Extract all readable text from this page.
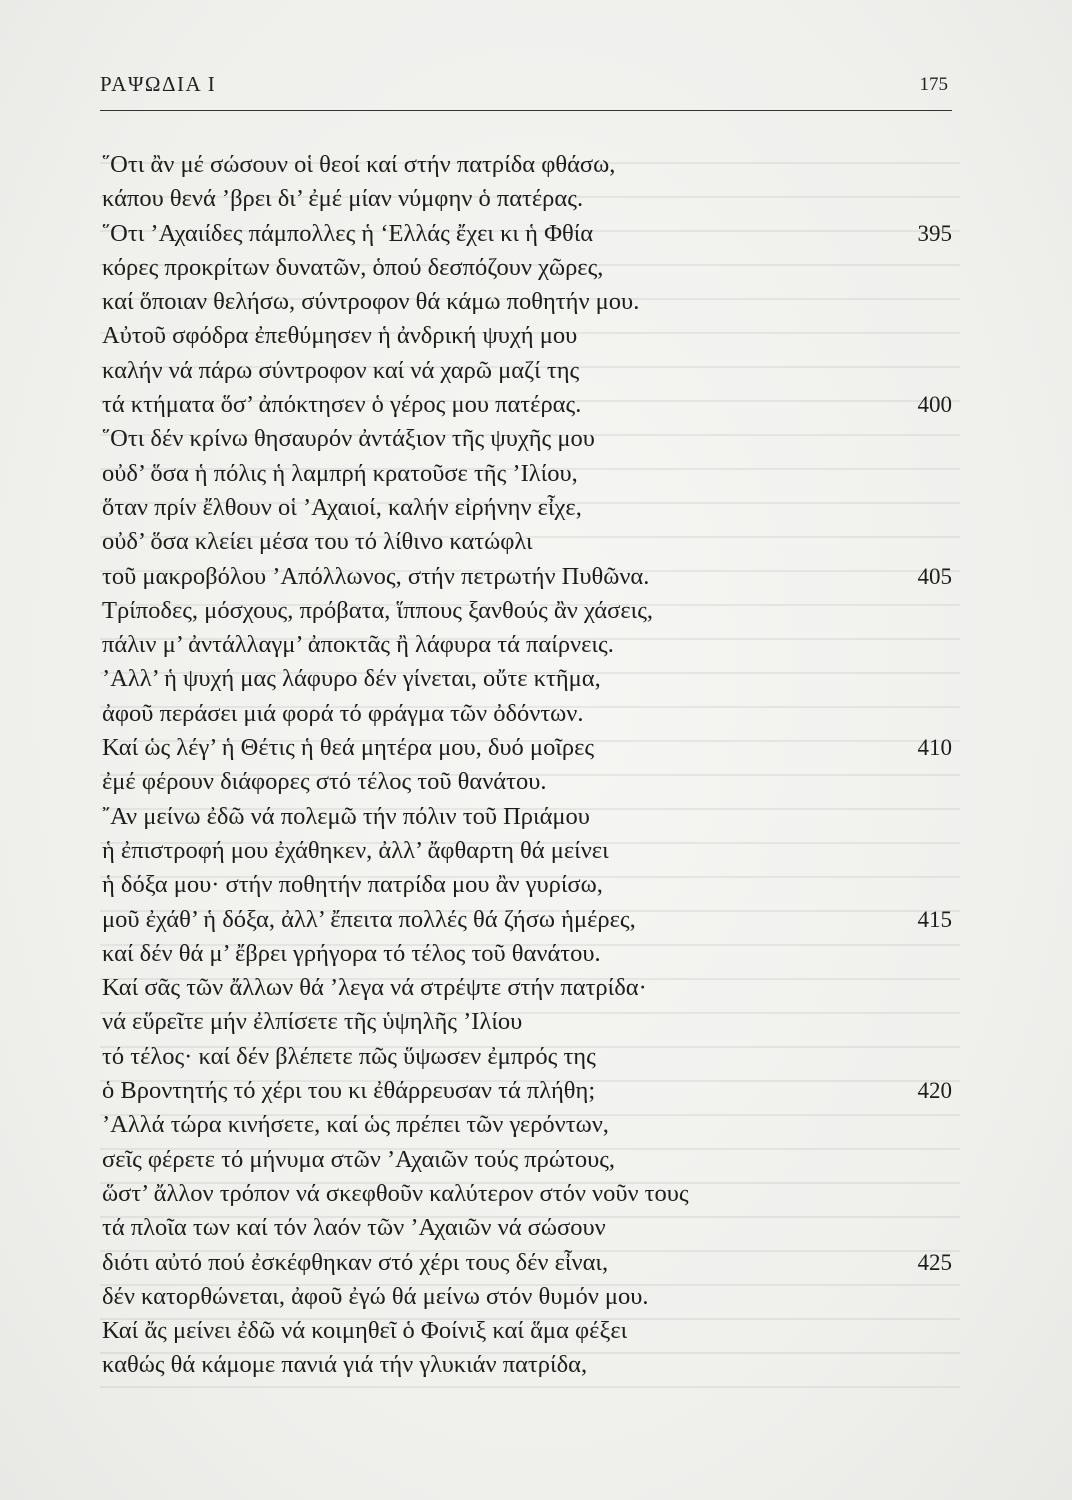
ΡΑΨΩΔΙΑ Ι	175
῞Οτι ἂν μέ σώσουν οἱ θεοί καί στήν πατρίδα φθάσω,
κάπου θενά ’βρει δι’ ἐμέ μίαν νύμφην ὁ πατέρας.
῞Οτι ’Αχαιίδες πάμπολλες ἡ ‘Ελλάς ἔχει κι ἡ Φθία	395
κόρες προκρίτων δυνατῶν, ὁπού δεσπόζουν χῶρες,
καί ὅποιαν θελήσω, σύντροφον θά κάμω ποθητήν μου.
Αὐτοῦ σφόδρα ἐπεθύμησεν ἡ ἀνδρική ψυχή μου
καλήν νά πάρω σύντροφον καί νά χαρῶ μαζί της
τά κτήματα ὅσ’ ἀπόκτησεν ὁ γέρος μου πατέρας.	400
῞Οτι δέν κρίνω θησαυρόν ἀντάξιον τῆς ψυχῆς μου
οὐδ’ ὅσα ἡ πόλις ἡ λαμπρή κρατοῦσε τῆς ’Ιλίου,
ὅταν πρίν ἔλθουν οἱ ’Αχαιοί, καλήν εἰρήνην εἶχε,
οὐδ’ ὅσα κλείει μέσα του τό λίθινο κατώφλι
τοῦ μακροβόλου ’Απόλλωνος, στήν πετρωτήν Πυθῶνα.	405
Τρίποδες, μόσχους, πρόβατα, ἵππους ξανθούς ἂν χάσεις,
πάλιν μ’ ἀντάλλαγμ’ ἀποκτᾶς ἢ λάφυρα τά παίρνεις.
’Αλλ’ ἡ ψυχή μας λάφυρο δέν γίνεται, οὔτε κτῆμα,
ἀφοῦ περάσει μιά φορά τό φράγμα τῶν ὀδόντων.
Καί ὡς λέγ’ ἡ Θέτις ἡ θεά μητέρα μου, δυό μοῖρες	410
ἐμέ φέρουν διάφορες στό τέλος τοῦ θανάτου.
῎Αν μείνω ἐδῶ νά πολεμῶ τήν πόλιν τοῦ Πριάμου
ἡ ἐπιστροφή μου ἐχάθηκεν, ἀλλ’ ἄφθαρτη θά μείνει
ἡ δόξα μου· στήν ποθητήν πατρίδα μου ἂν γυρίσω,
μοῦ ἐχάθ’ ἡ δόξα, ἀλλ’ ἔπειτα πολλές θά ζήσω ἡμέρες,	415
καί δέν θά μ’ ἔβρει γρήγορα τό τέλος τοῦ θανάτου.
Καί σᾶς τῶν ἄλλων θά ’λεγα νά στρέψτε στήν πατρίδα·
νά εὕρεῖτε μήν ἐλπίσετε τῆς ὑψηλῆς ’Ιλίου
τό τέλος· καί δέν βλέπετε πῶς ὕψωσεν ἐμπρός της
ὁ Βροντητής τό χέρι του κι ἐθάρρευσαν τά πλήθη;	420
’Αλλά τώρα κινήσετε, καί ὡς πρέπει τῶν γερόντων,
σεῖς φέρετε τό μήνυμα στῶν ’Αχαιῶν τούς πρώτους,
ὥστ’ ἄλλον τρόπον νά σκεφθοῦν καλύτερον στόν νοῦν τους
τά πλοῖα των καί τόν λαόν τῶν ’Αχαιῶν νά σώσουν
διότι αὐτό πού ἐσκέφθηκαν στό χέρι τους δέν εἶναι,	425
δέν κατορθώνεται, ἀφοῦ ἐγώ θά μείνω στόν θυμόν μου.
Καί ἄς μείνει ἐδῶ νά κοιμηθεῖ ὁ Φοίνιξ καί ἅμα φέξει
καθώς θά κάμομε πανιά γιά τήν γλυκιάν πατρίδα,
